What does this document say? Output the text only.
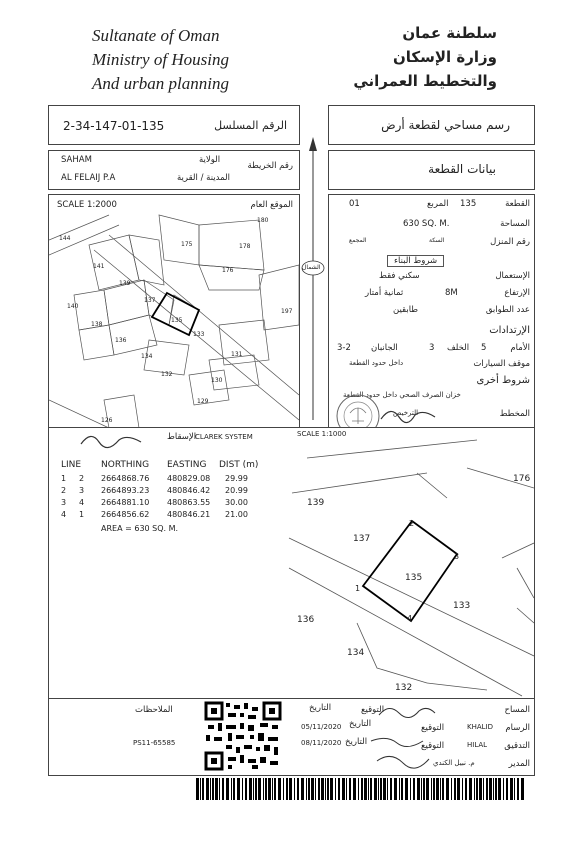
Sultanate of Oman
Ministry of Housing
And urban planning
سلطنة عمان
وزارة الإسكان
والتخطيط العمراني
2-34-147-01-135	الرقم المسلسل	رسم مساحي لقطعة أرض
SAHAM	الولاية
رقم الخريطة
AL FELAIJ P.A	المدينة / القرية
بيانات القطعة
الشمال
SCALE 1:2000	الموقع العام
180
144
175	178
141
176
139
137
140
197
138
135
133
136
134	131
132
130
129
126
القطعة
135
المربع
01
المساحة
630 SQ. M.
رقم المنزل
السكة
المجمع
شروط البناء
الإستعمال
سكني فقط
الإرتفاع
8M
ثمانية أمتار
عدد الطوابق
طابقين
الإرتدادات
الأمام
5
الخلف
3
الجانبان
3-2
موقف السيارات
داخل حدود القطعة
شروط أخرى
خزان الصرف الصحي داخل حدود القطعة
المخطط
الترخيص
الإسقاط
CLAREK SYSTEM	SCALE 1:1000
LINE NORTHING EASTING DIST (m)
1 2 2664868.76 480829.08 29.99
2 3 2664893.23 480846.42 20.99
3 4 2664881.10 480863.55 30.00
4 1 2664856.62 480846.21 21.00
AREA = 630 SQ. M.
176
139
137
135
133
136
134
132
1
2
3
4
الملاحظات
PS11-65585
المساح
التوقيع
التاريخ
الرسام
KHALID
التوقيع
05/11/2020 التاريخ
التدقيق
HILAL
التوقيع
08/11/2020 التاريخ
المدير
م. نبيل الكندي
